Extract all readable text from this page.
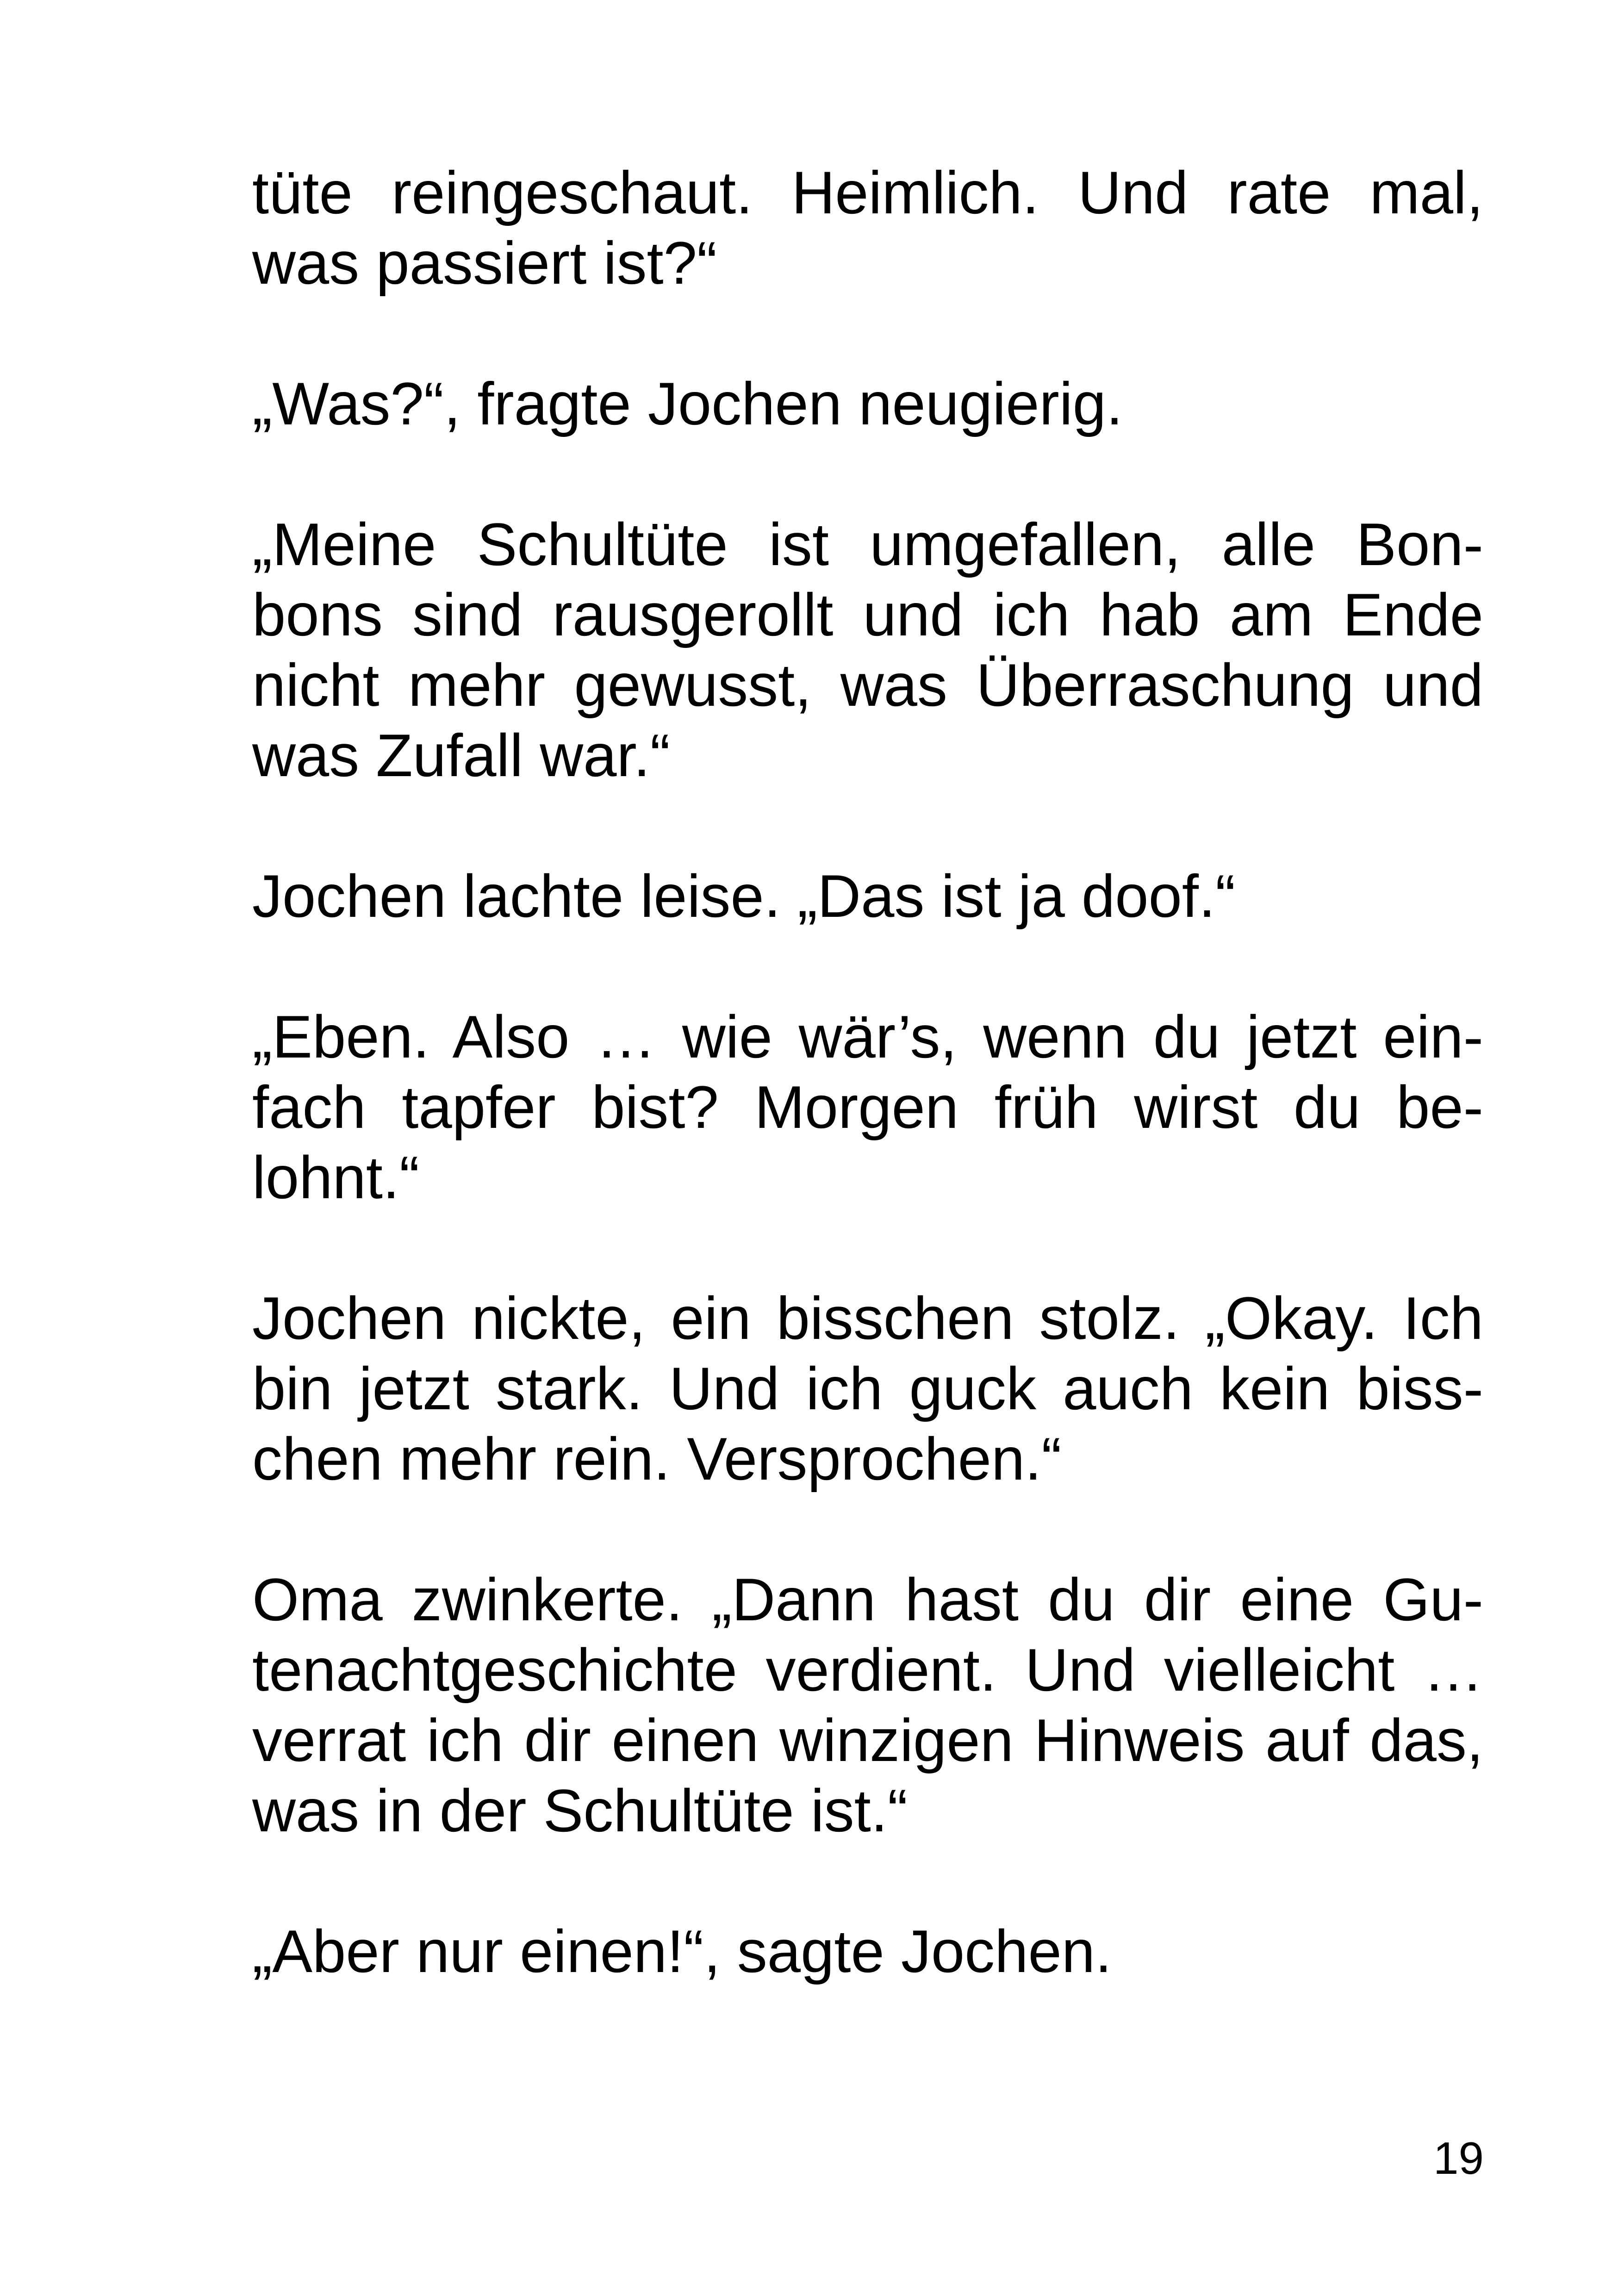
tüte reingeschaut. Heimlich. Und rate mal,
was passiert ist?“
„Was?“, fragte Jochen neugierig.
„Meine Schultüte ist umgefallen, alle Bon-
bons sind rausgerollt und ich hab am Ende
nicht mehr gewusst, was Überraschung und
was Zufall war.“
Jochen lachte leise. „Das ist ja doof.“
„Eben. Also … wie wär’s, wenn du jetzt ein-
fach tapfer bist? Morgen früh wirst du be-
lohnt.“
Jochen nickte, ein bisschen stolz. „Okay. Ich
bin jetzt stark. Und ich guck auch kein biss-
chen mehr rein. Versprochen.“
Oma zwinkerte. „Dann hast du dir eine Gu-
tenachtgeschichte verdient. Und vielleicht …
verrat ich dir einen winzigen Hinweis auf das,
was in der Schultüte ist.“
„Aber nur einen!“, sagte Jochen.
19
